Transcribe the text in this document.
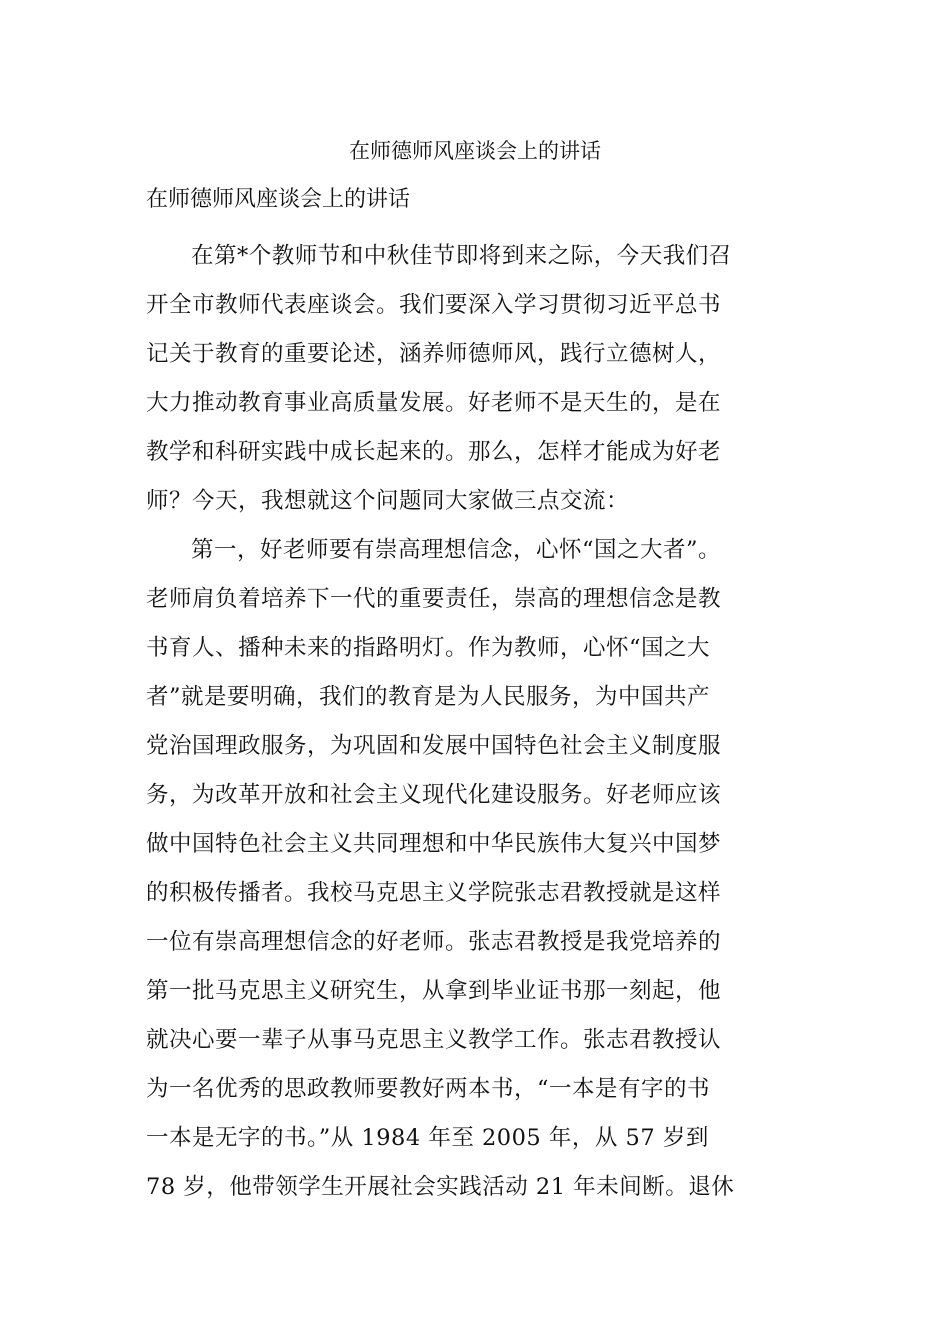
在师德师风座谈会上的讲话
在师德师风座谈会上的讲话
在第*个教师节和中秋佳节即将到来之际，今天我们召
开全市教师代表座谈会。我们要深入学习贯彻习近平总书
记关于教育的重要论述，涵养师德师风，践行立德树人，
大力推动教育事业高质量发展。好老师不是天生的，是在
教学和科研实践中成长起来的。那么，怎样才能成为好老
师？今天，我想就这个问题同大家做三点交流：
第一，好老师要有崇高理想信念，心怀“国之大者”。
老师肩负着培养下一代的重要责任，崇高的理想信念是教
书育人、播种未来的指路明灯。作为教师，心怀“国之大
者”就是要明确，我们的教育是为人民服务，为中国共产
党治国理政服务，为巩固和发展中国特色社会主义制度服
务，为改革开放和社会主义现代化建设服务。好老师应该
做中国特色社会主义共同理想和中华民族伟大复兴中国梦
的积极传播者。我校马克思主义学院张志君教授就是这样
一位有崇高理想信念的好老师。张志君教授是我党培养的
第一批马克思主义研究生，从拿到毕业证书那一刻起，他
就决心要一辈子从事马克思主义教学工作。张志君教授认
为一名优秀的思政教师要教好两本书，“一本是有字的书
一本是无字的书。”从 1984 年至 2005 年，从 57 岁到
78 岁，他带领学生开展社会实践活动 21 年未间断。退休
